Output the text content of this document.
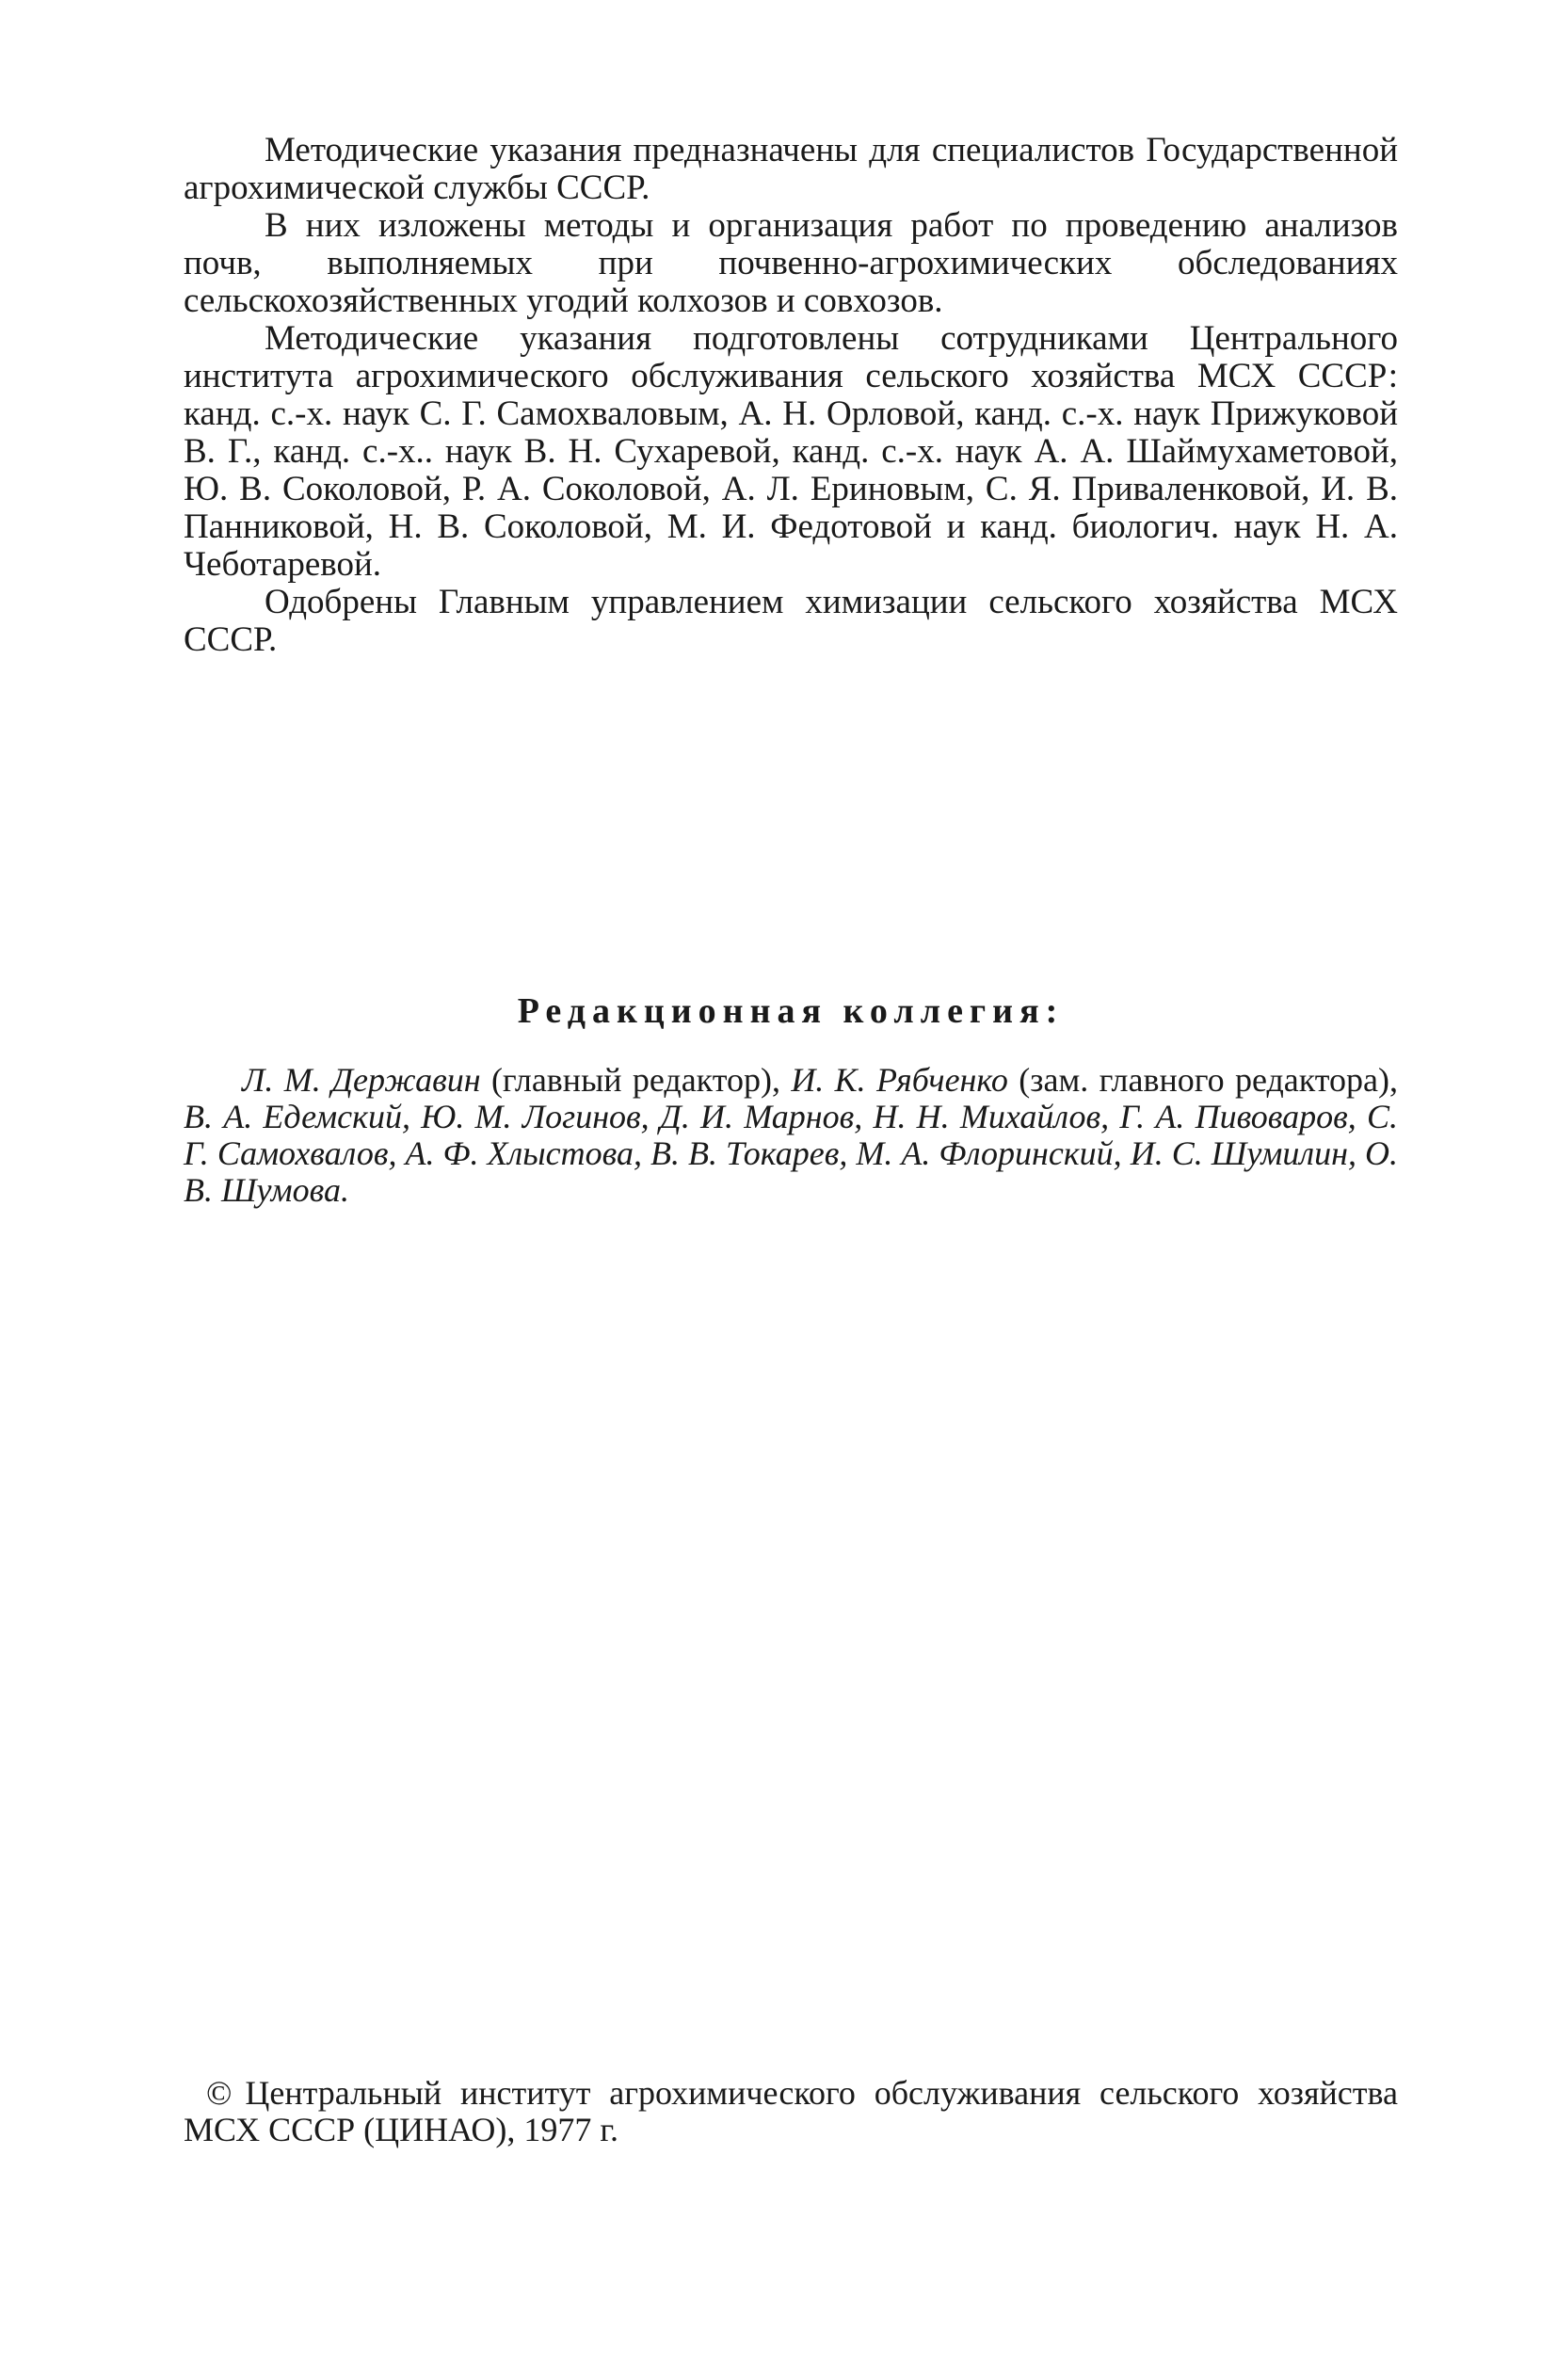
Методические указания предназначены для специалистов Государственной агрохимической службы СССР.

В них изложены методы и организация работ по проведению анализов почв, выполняемых при почвенно-агрохимических обследованиях сельскохозяйственных угодий колхозов и совхозов.

Методические указания подготовлены сотрудниками Центрального института агрохимического обслуживания сельского хозяйства МСХ СССР: канд. с.-х. наук С. Г. Самохваловым, А. Н. Орловой, канд. с.-х. наук Прижуковой В. Г., канд. с.-х.. наук В. Н. Сухаревой, канд. с.-х. наук А. А. Шаймухаметовой, Ю. В. Соколовой, Р. А. Соколовой, А. Л. Ериновым, С. Я. Приваленковой, И. В. Панниковой, Н. В. Соколовой, М. И. Федотовой и канд. биологич. наук Н. А. Чеботаревой.

Одобрены Главным управлением химизации сельского хозяйства МСХ СССР.

Редакционная коллегия:

Л. М. Державин (главный редактор), И. К. Рябченко (зам. главного редактора), В. А. Едемский, Ю. М. Логинов, Д. И. Марнов, Н. Н. Михайлов, Г. А. Пивоваров, С. Г. Самохвалов, А. Ф. Хлыстова, В. В. Токарев, М. А. Флоринский, И. С. Шумилин, О. В. Шумова.

© Центральный институт агрохимического обслуживания сельского хозяйства МСХ СССР (ЦИНАО), 1977 г.
